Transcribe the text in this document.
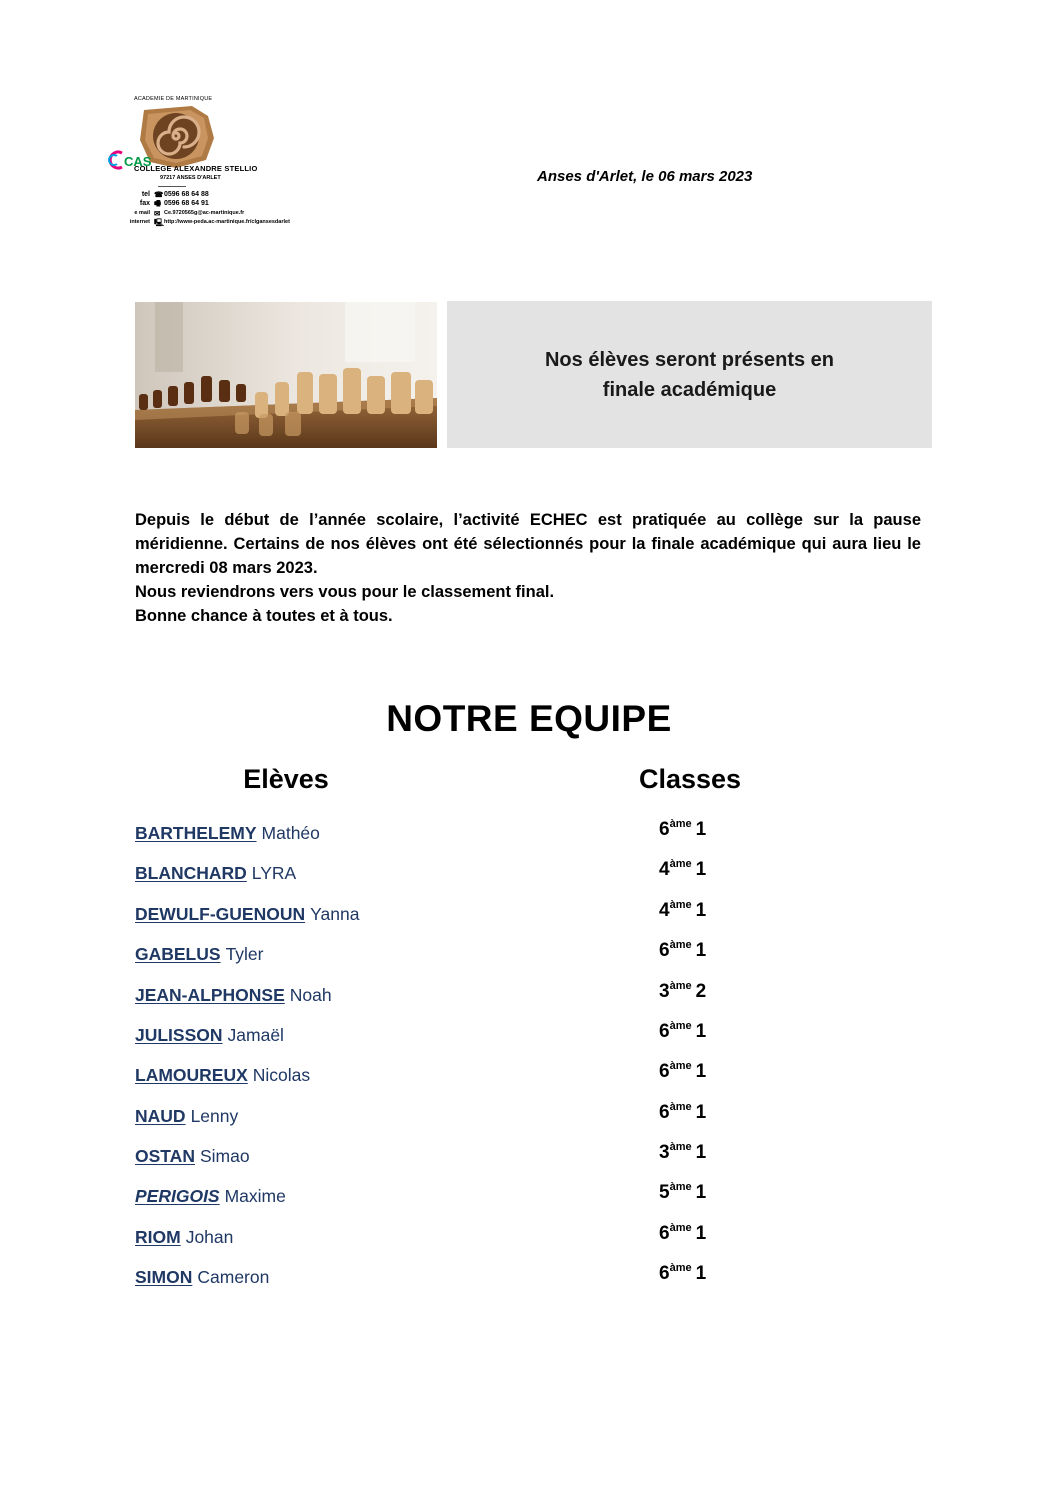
ACADEMIE DE MARTINIQUE
CAS
COLLEGE ALEXANDRE STELLIO
97217 ANSES D'ARLET
tel ☎ 0596 68 64 88
fax 🖷 0596 68 64 91
e mail ✉ Ce.9720565g@ac-martinique.fr
internet 🖳 http://www-peda.ac-martinique.fr/clgansesdarlet
Anses d'Arlet, le 06 mars 2023
Nos élèves seront présents en
finale académique

Depuis le début de l’année scolaire, l’activité ECHEC est pratiquée au collège sur la pause méridienne. Certains de nos élèves ont été sélectionnés pour la finale académique qui aura lieu le mercredi 08 mars 2023.

Nous reviendrons vers vous pour le classement final.

Bonne chance à toutes et à tous.

NOTRE EQUIPE
Elèves	Classes
BARTHELEMY Mathéo	$6^{àme}$ 1
BLANCHARD LYRA	$4^{àme}$ 1
DEWULF-GUENOUN Yanna	$4^{àme}$ 1
GABELUS Tyler	$6^{àme}$ 1
JEAN-ALPHONSE Noah	$3^{àme}$ 2
JULISSON Jamaël	$6^{àme}$ 1
LAMOUREUX Nicolas	$6^{àme}$ 1
NAUD Lenny	$6^{àme}$ 1
OSTAN Simao	$3^{àme}$ 1
PERIGOIS Maxime	$5^{àme}$ 1
RIOM Johan	$6^{àme}$ 1
SIMON Cameron	$6^{àme}$ 1
